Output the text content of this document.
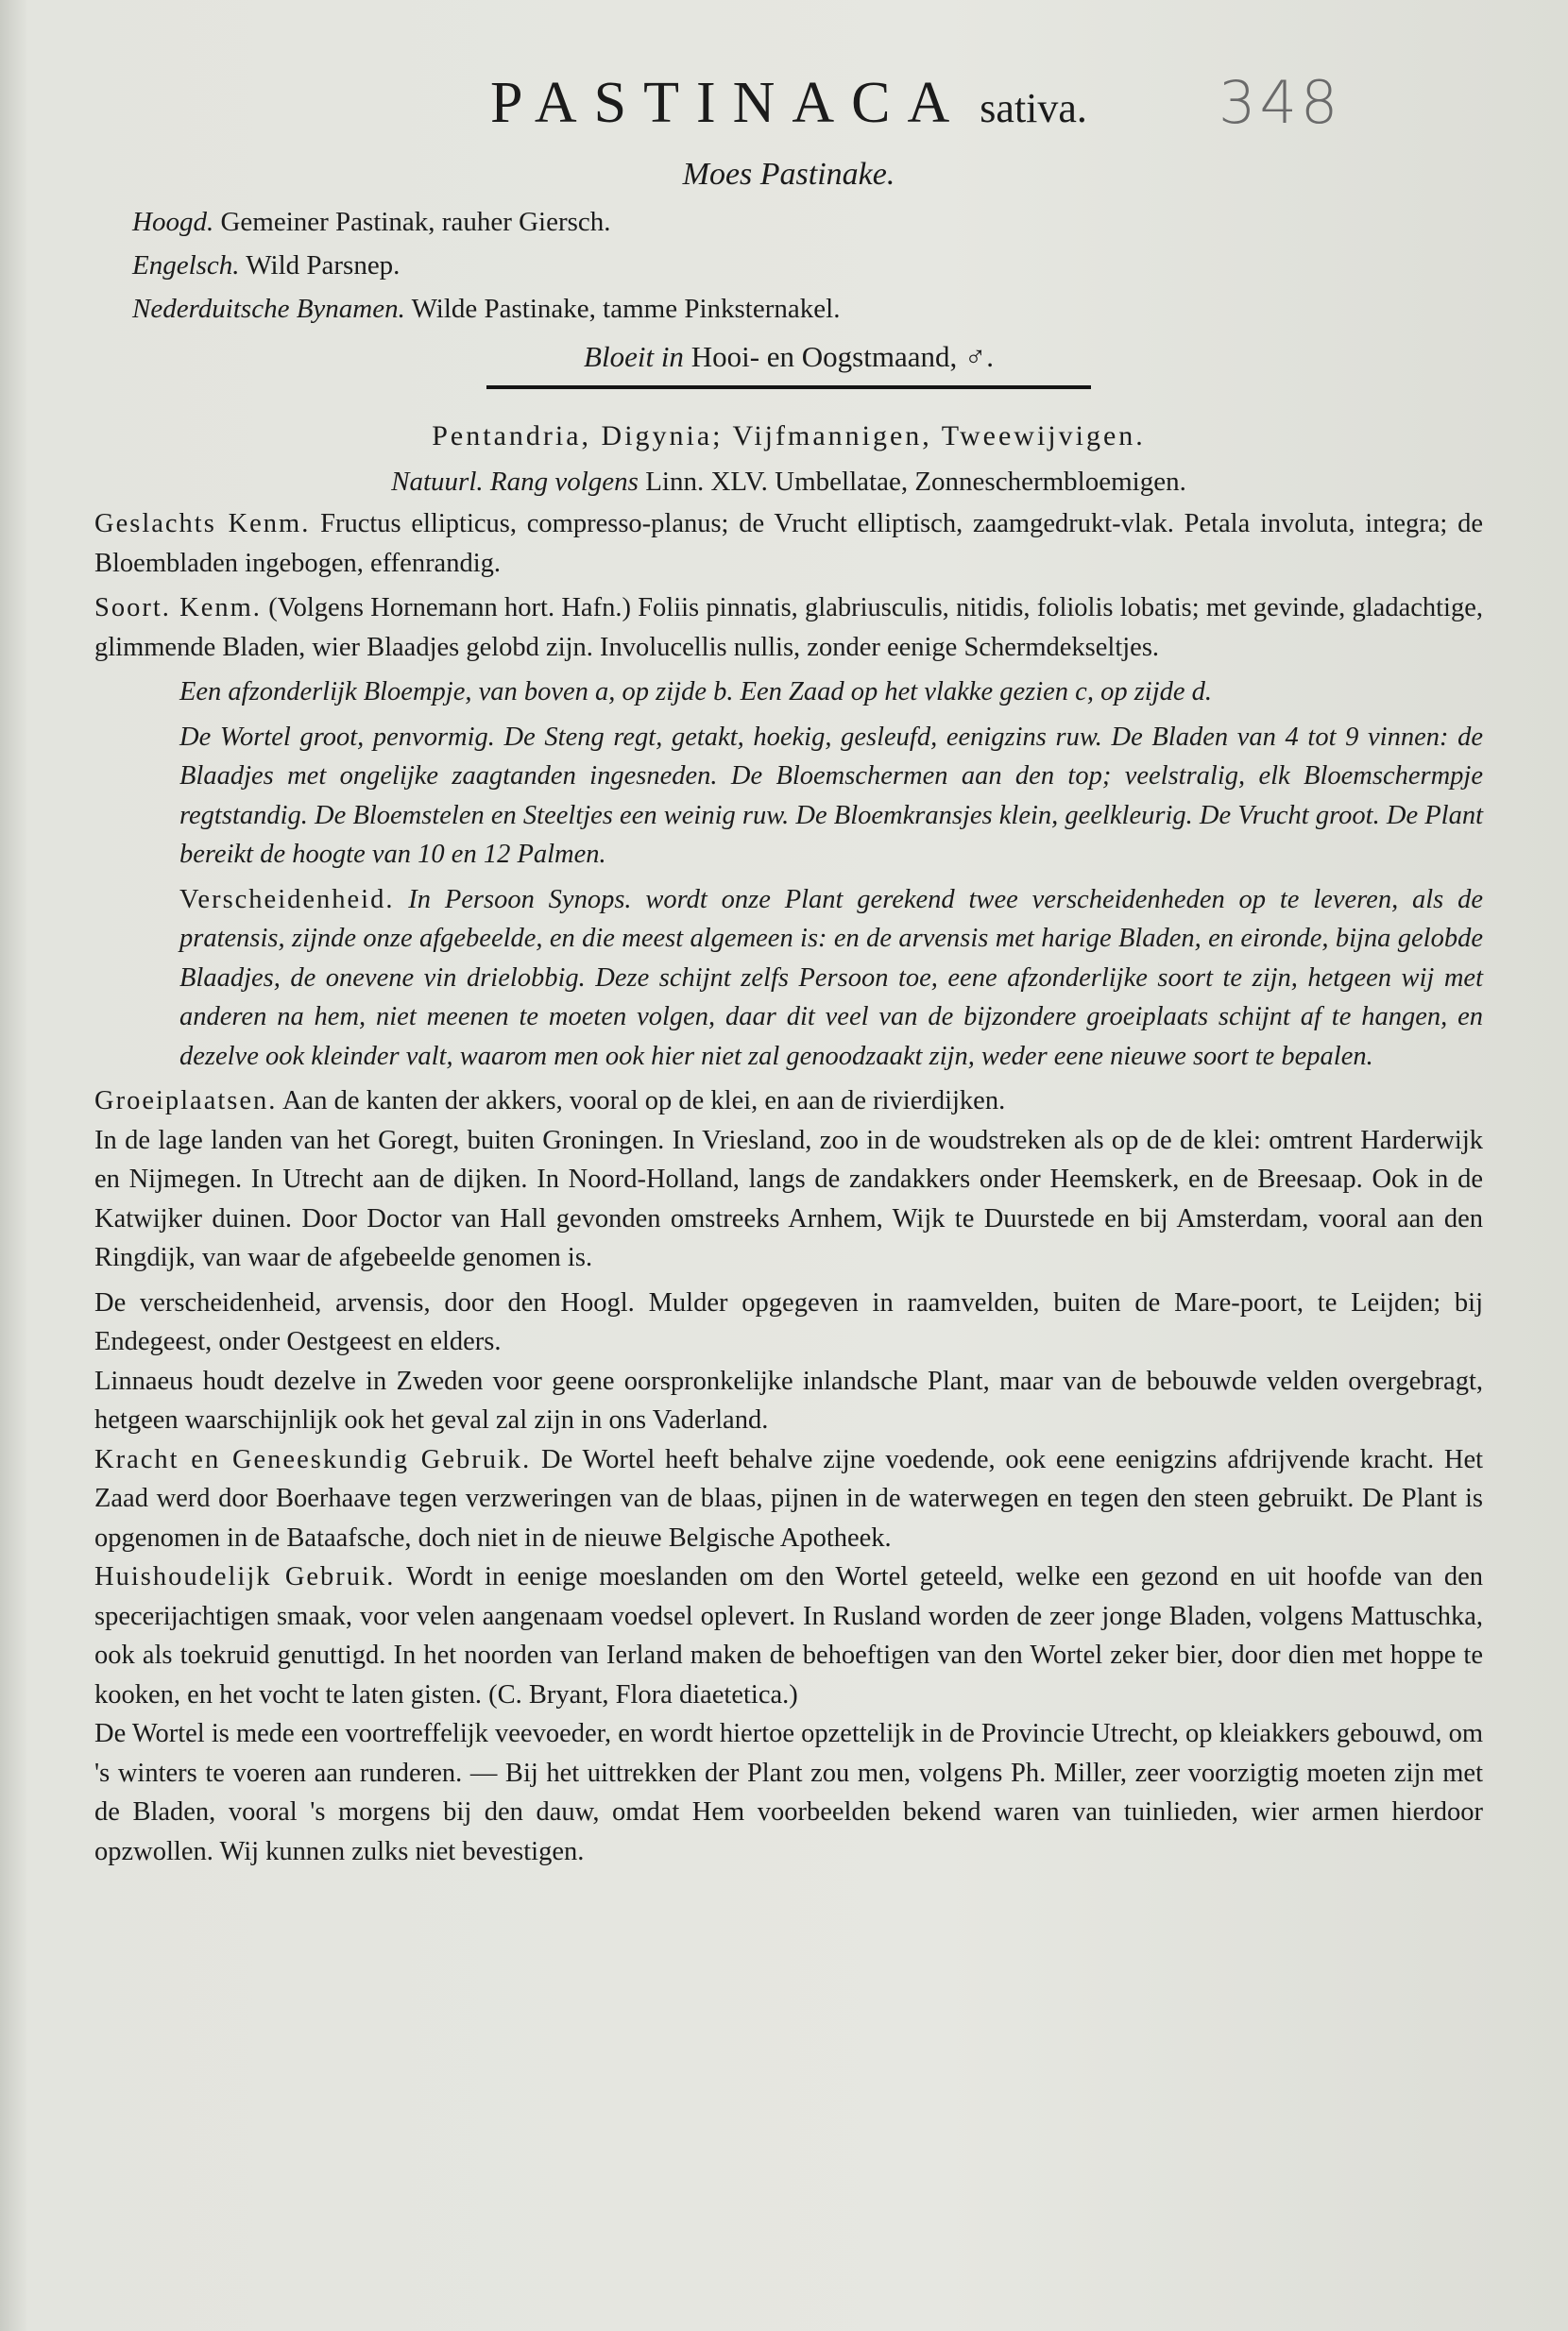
348
PASTINACA sativa.
Moes Pastinake.
Hoogd. Gemeiner Pastinak, rauher Giersch.
Engelsch. Wild Parsnep.
Nederduitsche Bynamen. Wilde Pastinake, tamme Pinksternakel.
Bloeit in Hooi- en Oogstmaand, ♂.
Pentandria, Digynia; Vijfmannigen, Tweewijvigen.
Natuurl. Rang volgens Linn. XLV. Umbellatae, Zonneschermbloemigen.

Geslachts Kenm. Fructus ellipticus, compresso-planus; de Vrucht elliptisch, zaamgedrukt-vlak. Petala involuta, integra; de Bloembladen ingebogen, effenrandig.

Soort. Kenm. (Volgens Hornemann hort. Hafn.) Foliis pinnatis, glabriusculis, nitidis, foliolis lobatis; met gevinde, gladachtige, glimmende Bladen, wier Blaadjes gelobd zijn. Involucellis nullis, zonder eenige Schermdekseltjes.

Een afzonderlijk Bloempje, van boven a, op zijde b. Een Zaad op het vlakke gezien c, op zijde d.

De Wortel groot, penvormig. De Steng regt, getakt, hoekig, gesleufd, eenigzins ruw. De Bladen van 4 tot 9 vinnen: de Blaadjes met ongelijke zaagtanden ingesneden. De Bloemschermen aan den top; veelstralig, elk Bloemschermpje regtstandig. De Bloemstelen en Steeltjes een weinig ruw. De Bloemkransjes klein, geelkleurig. De Vrucht groot. De Plant bereikt de hoogte van 10 en 12 Palmen.

Verscheidenheid. In Persoon Synops. wordt onze Plant gerekend twee verscheidenheden op te leveren, als de pratensis, zijnde onze afgebeelde, en die meest algemeen is: en de arvensis met harige Bladen, en eironde, bijna gelobde Blaadjes, de onevene vin drielobbig. Deze schijnt zelfs Persoon toe, eene afzonderlijke soort te zijn, hetgeen wij met anderen na hem, niet meenen te moeten volgen, daar dit veel van de bijzondere groeiplaats schijnt af te hangen, en dezelve ook kleinder valt, waarom men ook hier niet zal genoodzaakt zijn, weder eene nieuwe soort te bepalen.

Groeiplaatsen. Aan de kanten der akkers, vooral op de klei, en aan de rivierdijken.

In de lage landen van het Goregt, buiten Groningen. In Vriesland, zoo in de woudstreken als op de de klei: omtrent Harderwijk en Nijmegen. In Utrecht aan de dijken. In Noord-Holland, langs de zandakkers onder Heemskerk, en de Breesaap. Ook in de Katwijker duinen. Door Doctor van Hall gevonden omstreeks Arnhem, Wijk te Duurstede en bij Amsterdam, vooral aan den Ringdijk, van waar de afgebeelde genomen is.

De verscheidenheid, arvensis, door den Hoogl. Mulder opgegeven in raamvelden, buiten de Mare-poort, te Leijden; bij Endegeest, onder Oestgeest en elders.

Linnaeus houdt dezelve in Zweden voor geene oorspronkelijke inlandsche Plant, maar van de bebouwde velden overgebragt, hetgeen waarschijnlijk ook het geval zal zijn in ons Vaderland.

Kracht en Geneeskundig Gebruik. De Wortel heeft behalve zijne voedende, ook eene eenigzins afdrijvende kracht. Het Zaad werd door Boerhaave tegen verzweringen van de blaas, pijnen in de waterwegen en tegen den steen gebruikt. De Plant is opgenomen in de Bataafsche, doch niet in de nieuwe Belgische Apotheek.

Huishoudelijk Gebruik. Wordt in eenige moeslanden om den Wortel geteeld, welke een gezond en uit hoofde van den specerijachtigen smaak, voor velen aangenaam voedsel oplevert. In Rusland worden de zeer jonge Bladen, volgens Mattuschka, ook als toekruid genuttigd. In het noorden van Ierland maken de behoeftigen van den Wortel zeker bier, door dien met hoppe te kooken, en het vocht te laten gisten. (C. Bryant, Flora diaetetica.)

De Wortel is mede een voortreffelijk veevoeder, en wordt hiertoe opzettelijk in de Provincie Utrecht, op kleiakkers gebouwd, om 's winters te voeren aan runderen. — Bij het uittrekken der Plant zou men, volgens Ph. Miller, zeer voorzigtig moeten zijn met de Bladen, vooral 's morgens bij den dauw, omdat Hem voorbeelden bekend waren van tuinlieden, wier armen hierdoor opzwollen. Wij kunnen zulks niet bevestigen.
